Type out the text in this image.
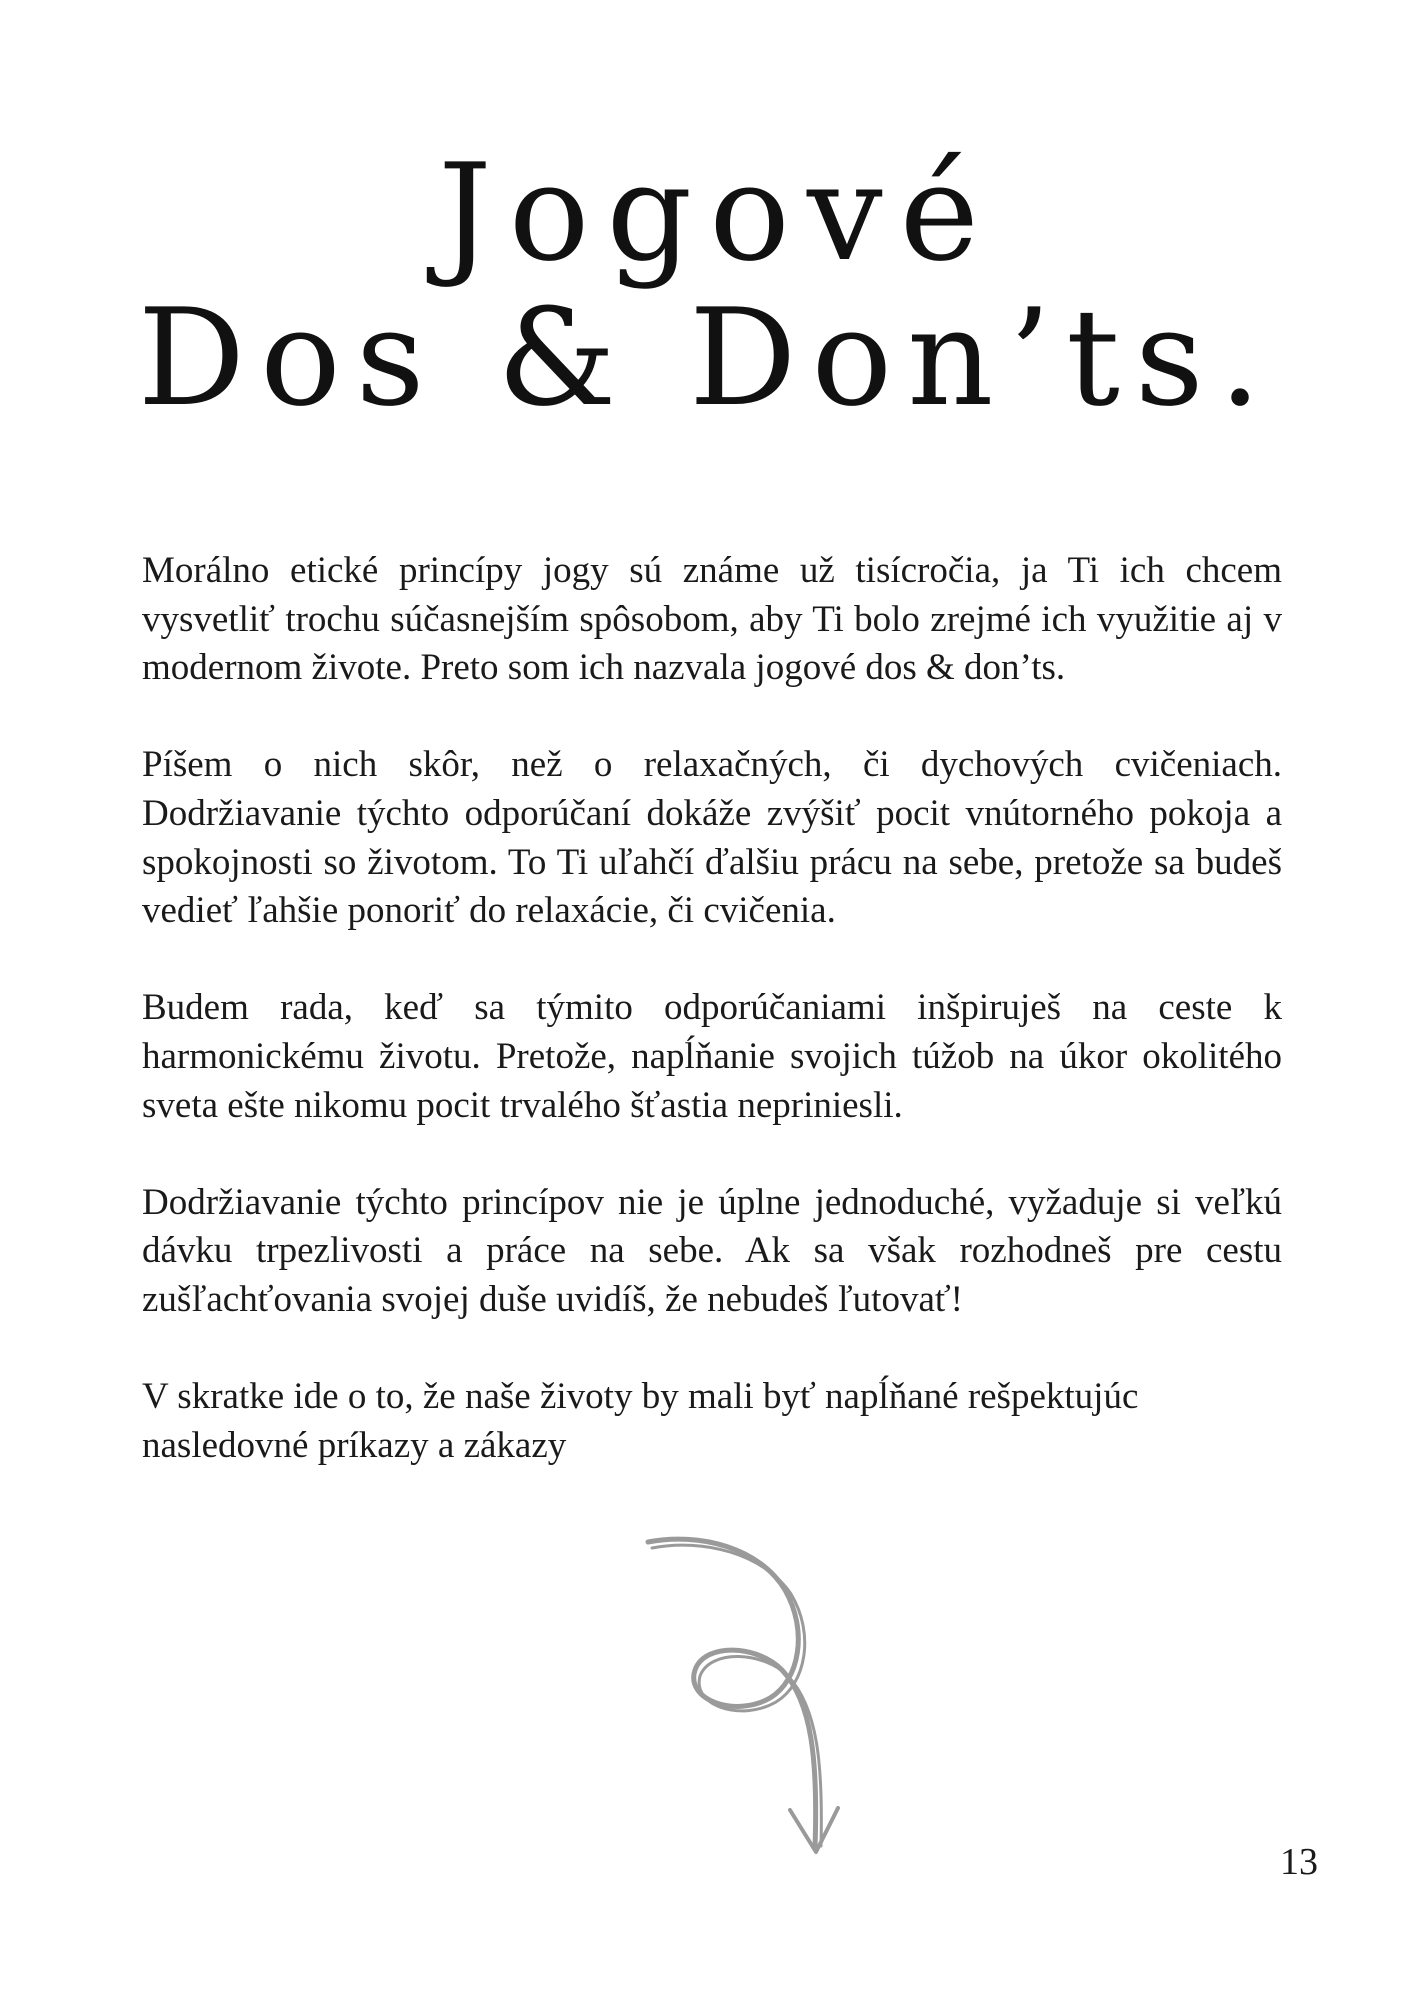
Jogové
Dos & Don’ts.

Morálno etické princípy jogy sú známe už tisícročia, ja Ti ich chcem vysvetliť trochu súčasnejším spôsobom, aby Ti bolo zrejmé ich využitie aj v modernom živote. Preto som ich nazvala jogové dos & don’ts.

Píšem o nich skôr, než o relaxačných, či dychových cvičeniach. Dodržiavanie týchto odporúčaní dokáže zvýšiť pocit vnútorného pokoja a spokojnosti so životom. To Ti uľahčí ďalšiu prácu na sebe, pretože sa budeš vedieť ľahšie ponoriť do relaxácie, či cvičenia.

Budem rada, keď sa týmito odporúčaniami inšpiruješ na ceste k harmonickému životu. Pretože, napĺňanie svojich túžob na úkor okolitého sveta ešte nikomu pocit trvalého šťastia nepriniesli.

Dodržiavanie týchto princípov nie je úplne jednoduché, vyžaduje si veľkú dávku trpezlivosti a práce na sebe. Ak sa však rozhodneš pre cestu zušľachťovania svojej duše uvidíš, že nebudeš ľutovať!

V skratke ide o to, že naše životy by mali byť napĺňané rešpektujúc nasledovné príkazy a zákazy

13
